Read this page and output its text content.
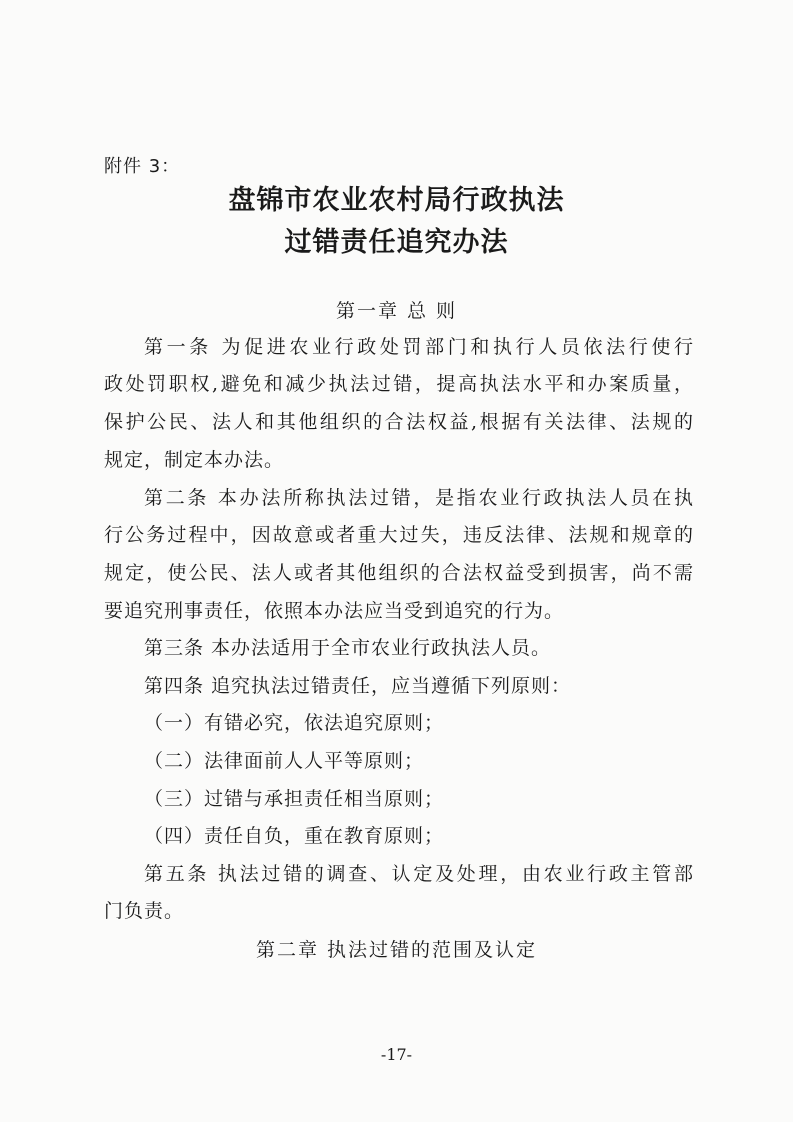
附件 3：
盘锦市农业农村局行政执法
过错责任追究办法
第一章 总 则
第一条 为促进农业行政处罚部门和执行人员依法行使行
政处罚职权,避免和减少执法过错，提高执法水平和办案质量，
保护公民、法人和其他组织的合法权益,根据有关法律、法规的
规定，制定本办法。
第二条 本办法所称执法过错，是指农业行政执法人员在执
行公务过程中，因故意或者重大过失，违反法律、法规和规章的
规定，使公民、法人或者其他组织的合法权益受到损害，尚不需
要追究刑事责任，依照本办法应当受到追究的行为。
第三条 本办法适用于全市农业行政执法人员。
第四条 追究执法过错责任，应当遵循下列原则：
（一）有错必究，依法追究原则；
（二）法律面前人人平等原则；
（三）过错与承担责任相当原则；
（四）责任自负，重在教育原则；
第五条 执法过错的调查、认定及处理，由农业行政主管部
门负责。
第二章 执法过错的范围及认定
-17-
